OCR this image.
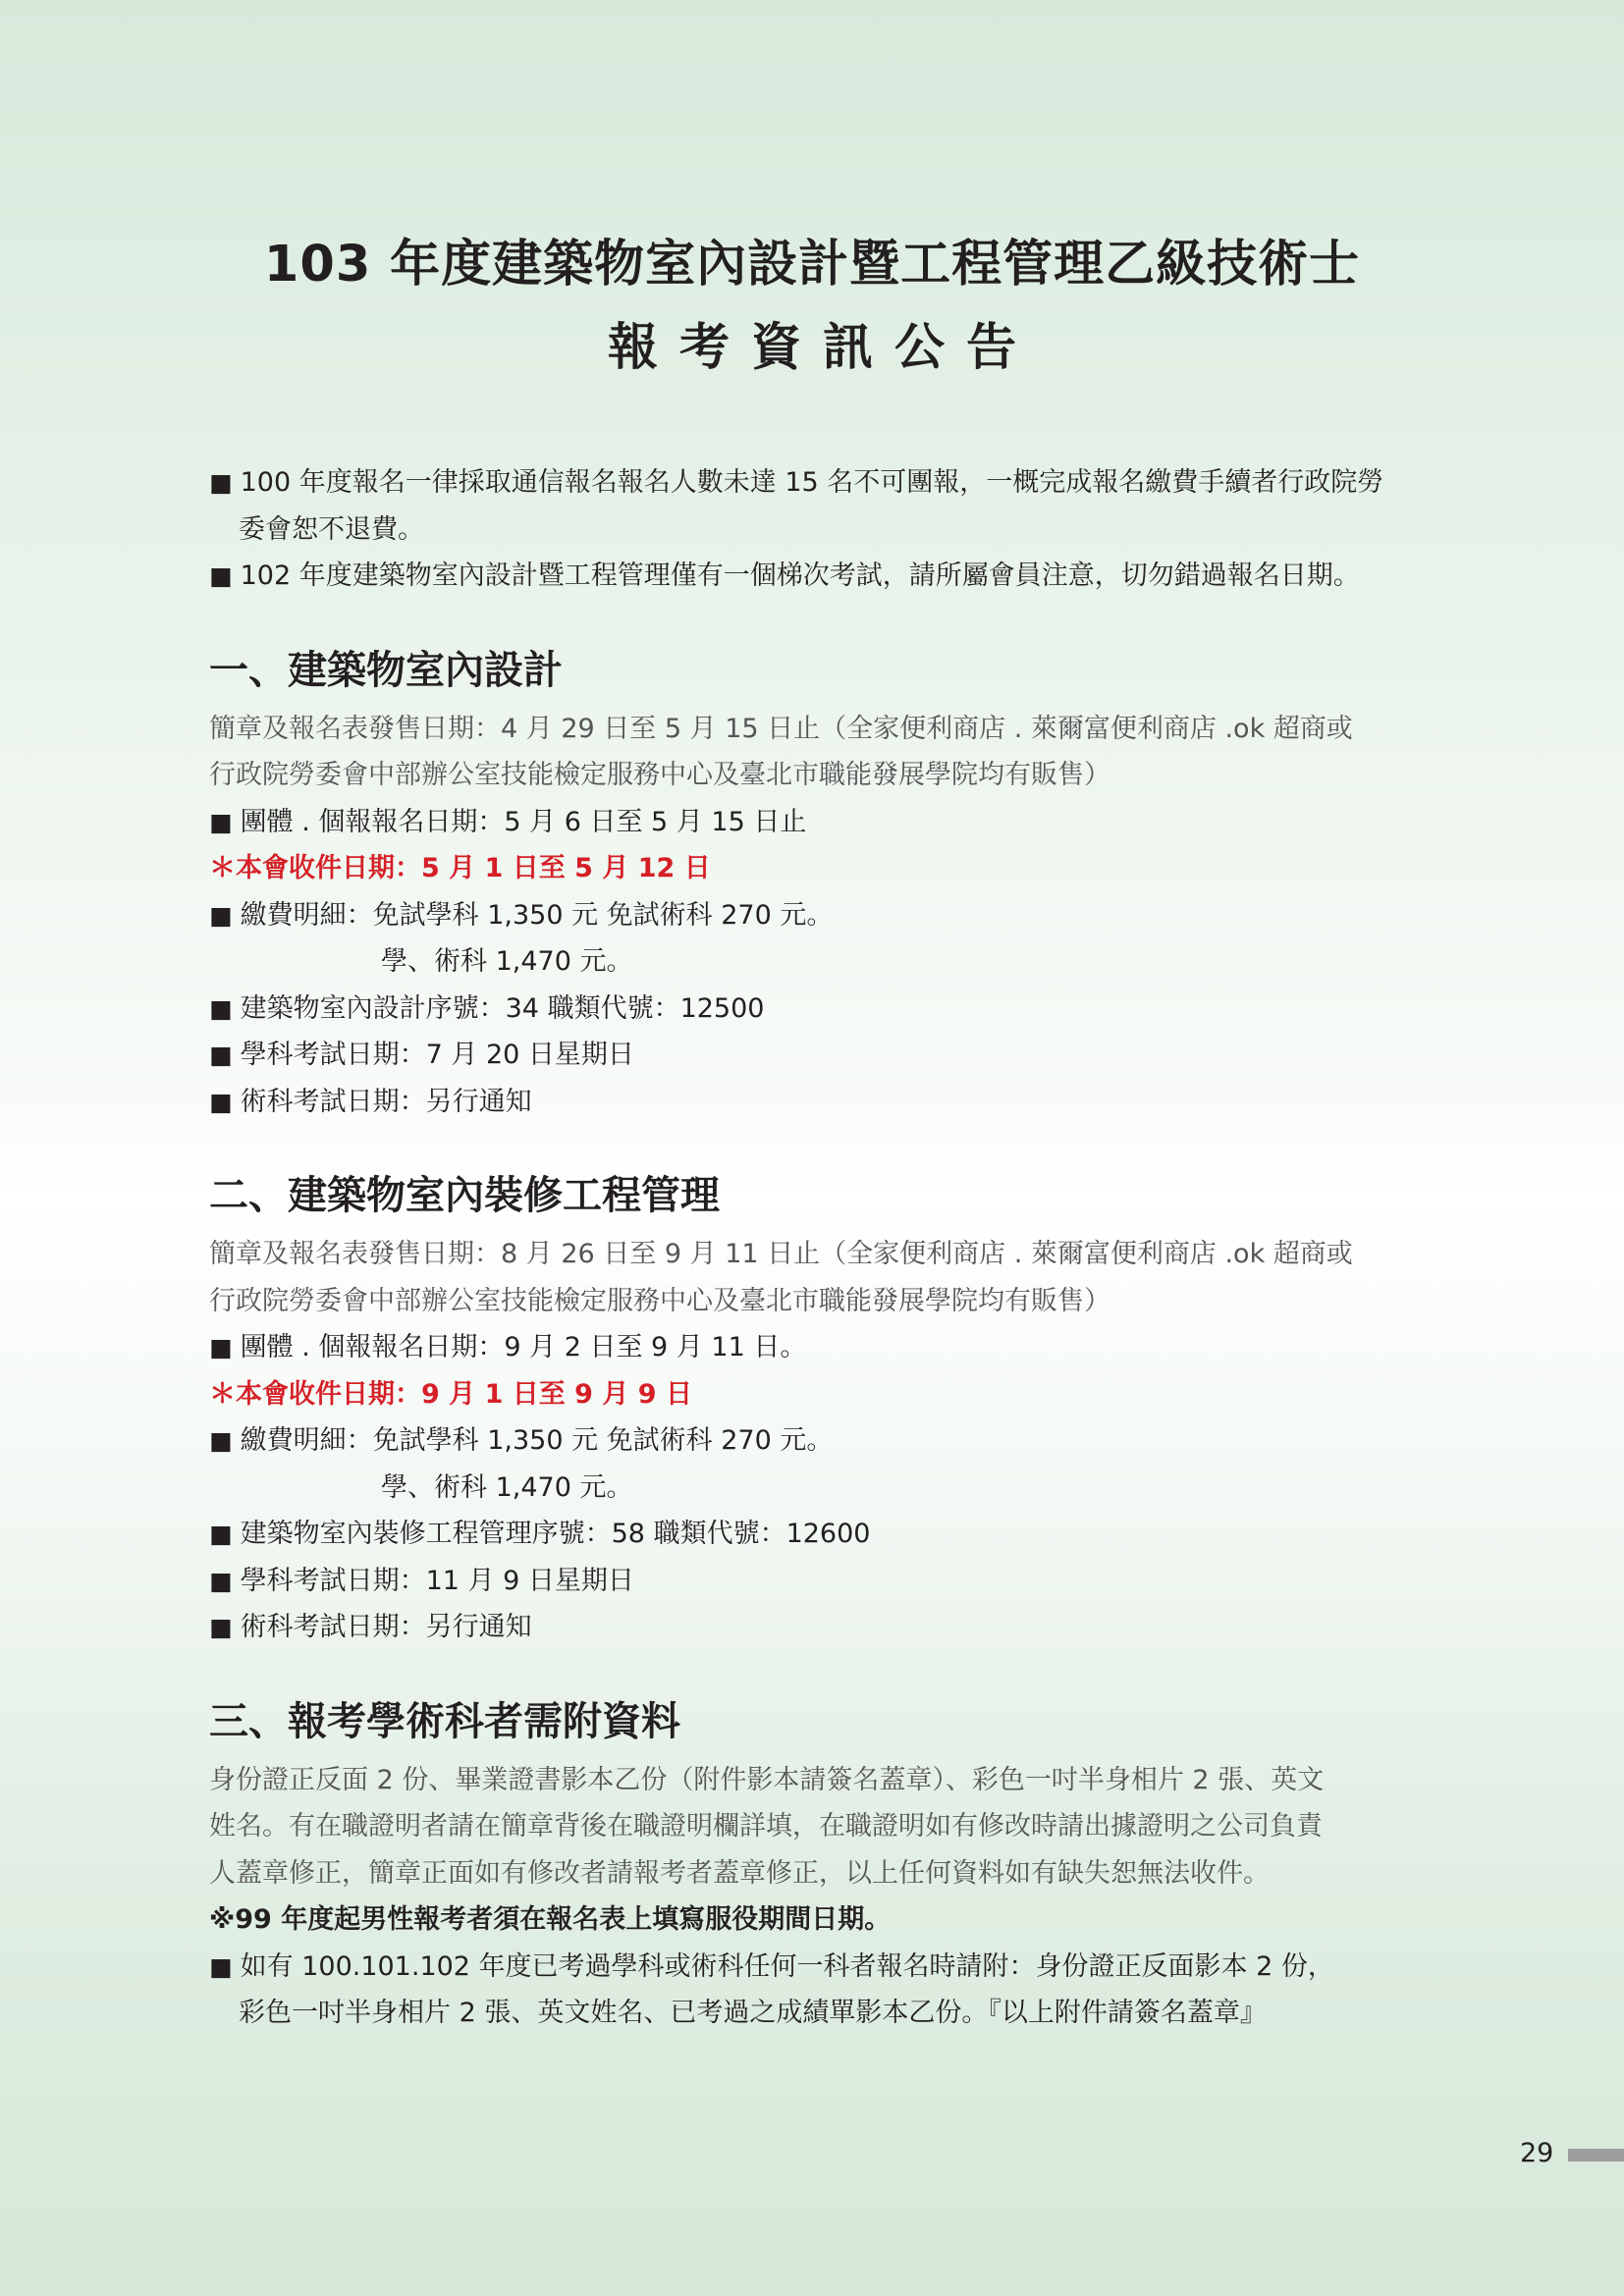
103 年度建築物室內設計暨工程管理乙級技術士
報考資訊公告

■ 100 年度報名一律採取通信報名報名人數未達 15 名不可團報，一概完成報名繳費手續者行政院勞

委會恕不退費。

■ 102 年度建築物室內設計暨工程管理僅有一個梯次考試，請所屬會員注意，切勿錯過報名日期。

一、建築物室內設計

簡章及報名表發售日期：4 月 29 日至 5 月 15 日止（全家便利商店 . 萊爾富便利商店 .ok 超商或

行政院勞委會中部辦公室技能檢定服務中心及臺北市職能發展學院均有販售）

■ 團體 . 個報報名日期：5 月 6 日至 5 月 15 日止

＊本會收件日期：5 月 1 日至 5 月 12 日

■ 繳費明細：免試學科 1,350 元 免試術科 270 元。

學、術科 1,470 元。

■ 建築物室內設計序號：34 職類代號：12500

■ 學科考試日期：7 月 20 日星期日

■ 術科考試日期：另行通知

二、建築物室內裝修工程管理

簡章及報名表發售日期：8 月 26 日至 9 月 11 日止（全家便利商店 . 萊爾富便利商店 .ok 超商或

行政院勞委會中部辦公室技能檢定服務中心及臺北市職能發展學院均有販售）

■ 團體 . 個報報名日期：9 月 2 日至 9 月 11 日。

＊本會收件日期：9 月 1 日至 9 月 9 日

■ 繳費明細：免試學科 1,350 元 免試術科 270 元。

學、術科 1,470 元。

■ 建築物室內裝修工程管理序號：58 職類代號：12600

■ 學科考試日期：11 月 9 日星期日

■ 術科考試日期：另行通知

三、報考學術科者需附資料

身份證正反面 2 份、畢業證書影本乙份（附件影本請簽名蓋章）、彩色一吋半身相片 2 張、英文

姓名。有在職證明者請在簡章背後在職證明欄詳填，在職證明如有修改時請出據證明之公司負責

人蓋章修正，簡章正面如有修改者請報考者蓋章修正，以上任何資料如有缺失恕無法收件。

※99 年度起男性報考者須在報名表上填寫服役期間日期。

■ 如有 100.101.102 年度已考過學科或術科任何一科者報名時請附：身份證正反面影本 2 份，

彩色一吋半身相片 2 張、英文姓名、已考過之成績單影本乙份。『以上附件請簽名蓋章』

29
